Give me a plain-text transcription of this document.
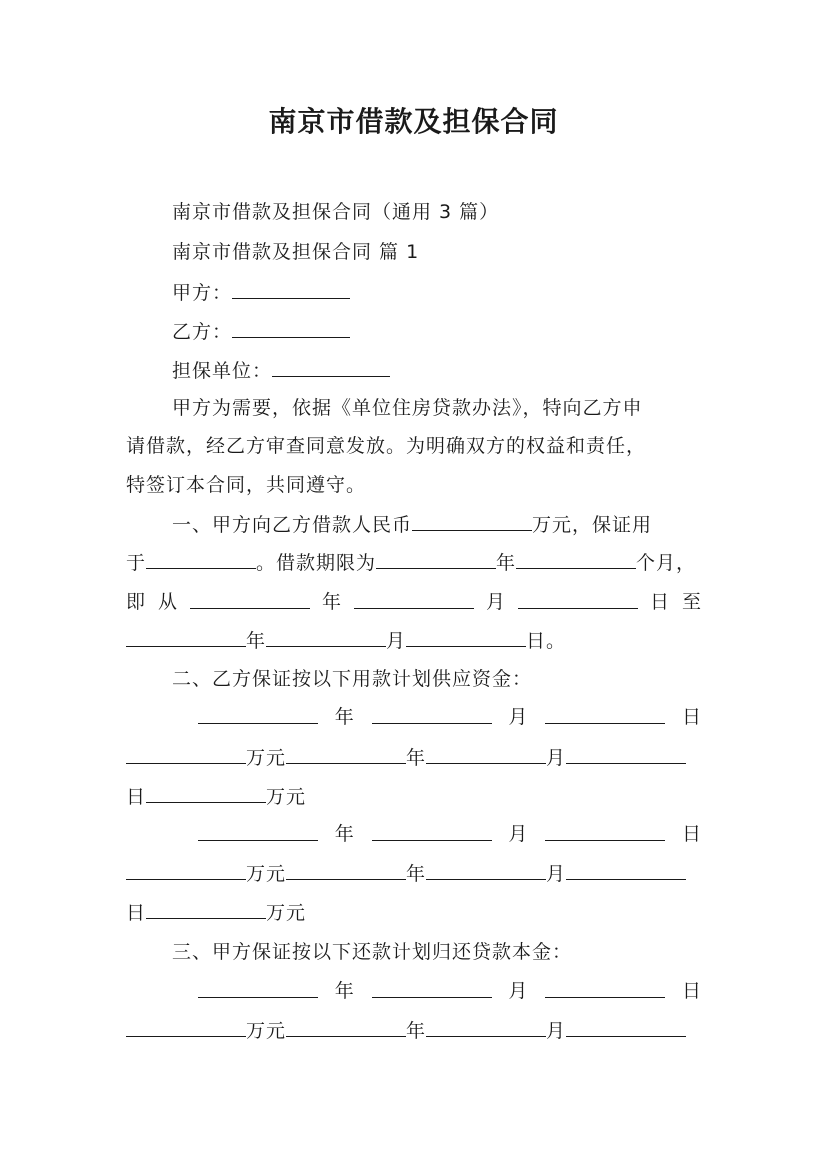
南京市借款及担保合同
南京市借款及担保合同（通用 3 篇）
南京市借款及担保合同 篇 1
甲方：
乙方：
担保单位：
甲方为需要，依据《单位住房贷款办法》，特向乙方申
请借款，经乙方审查同意发放。为明确双方的权益和责任，
特签订本合同，共同遵守。
一、甲方向乙方借款人民币	万元，保证用
于	。借款期限为	年	个月，
即 从	年	月	日 至
年	月	日。
二、乙方保证按以下用款计划供应资金：
年	月	日
万元	年	月
日	万元
年	月	日
万元	年	月
日	万元
三、甲方保证按以下还款计划归还贷款本金：
年	月	日
万元	年	月
